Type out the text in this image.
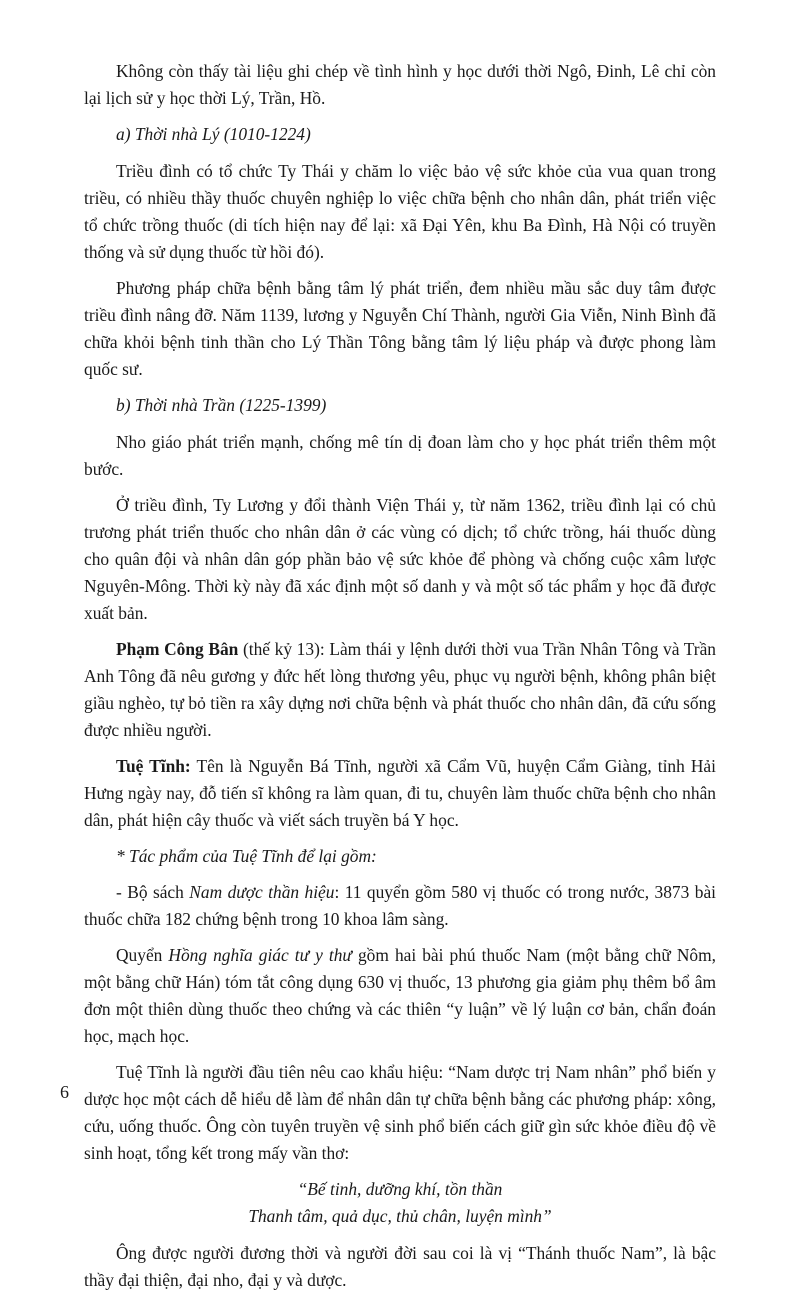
Không còn thấy tài liệu ghi chép về tình hình y học dưới thời Ngô, Đinh, Lê chỉ còn lại lịch sử y học thời Lý, Trần, Hồ.

a) Thời nhà Lý (1010-1224)

Triều đình có tổ chức Ty Thái y chăm lo việc bảo vệ sức khỏe của vua quan trong triều, có nhiều thầy thuốc chuyên nghiệp lo việc chữa bệnh cho nhân dân, phát triển việc tổ chức trồng thuốc (di tích hiện nay để lại: xã Đại Yên, khu Ba Đình, Hà Nội có truyền thống và sử dụng thuốc từ hồi đó).

Phương pháp chữa bệnh bằng tâm lý phát triển, đem nhiều mầu sắc duy tâm được triều đình nâng đỡ. Năm 1139, lương y Nguyễn Chí Thành, người Gia Viễn, Ninh Bình đã chữa khỏi bệnh tinh thần cho Lý Thần Tông bằng tâm lý liệu pháp và được phong làm quốc sư.

b) Thời nhà Trần (1225-1399)

Nho giáo phát triển mạnh, chống mê tín dị đoan làm cho y học phát triển thêm một bước.

Ở triều đình, Ty Lương y đổi thành Viện Thái y, từ năm 1362, triều đình lại có chủ trương phát triển thuốc cho nhân dân ở các vùng có dịch; tổ chức trồng, hái thuốc dùng cho quân đội và nhân dân góp phần bảo vệ sức khỏe để phòng và chống cuộc xâm lược Nguyên-Mông. Thời kỳ này đã xác định một số danh y và một số tác phẩm y học đã được xuất bản.

Phạm Công Bân (thế kỷ 13): Làm thái y lệnh dưới thời vua Trần Nhân Tông và Trần Anh Tông đã nêu gương y đức hết lòng thương yêu, phục vụ người bệnh, không phân biệt giầu nghèo, tự bỏ tiền ra xây dựng nơi chữa bệnh và phát thuốc cho nhân dân, đã cứu sống được nhiều người.

Tuệ Tĩnh: Tên là Nguyễn Bá Tĩnh, người xã Cẩm Vũ, huyện Cẩm Giàng, tỉnh Hải Hưng ngày nay, đỗ tiến sĩ không ra làm quan, đi tu, chuyên làm thuốc chữa bệnh cho nhân dân, phát hiện cây thuốc và viết sách truyền bá Y học.

* Tác phẩm của Tuệ Tĩnh để lại gồm:

- Bộ sách Nam dược thần hiệu: 11 quyển gồm 580 vị thuốc có trong nước, 3873 bài thuốc chữa 182 chứng bệnh trong 10 khoa lâm sàng.

Quyển Hồng nghĩa giác tư y thư gồm hai bài phú thuốc Nam (một bằng chữ Nôm, một bằng chữ Hán) tóm tắt công dụng 630 vị thuốc, 13 phương gia giảm phụ thêm bổ âm đơn một thiên dùng thuốc theo chứng và các thiên “y luận” về lý luận cơ bản, chẩn đoán học, mạch học.

Tuệ Tĩnh là người đầu tiên nêu cao khẩu hiệu: “Nam dược trị Nam nhân” phổ biến y dược học một cách dễ hiểu dễ làm để nhân dân tự chữa bệnh bằng các phương pháp: xông, cứu, uống thuốc. Ông còn tuyên truyền vệ sinh phổ biến cách giữ gìn sức khỏe điều độ về sinh hoạt, tổng kết trong mấy vần thơ:

“Bế tinh, dưỡng khí, tồn thần
Thanh tâm, quả dục, thủ chân, luyện mình”

Ông được người đương thời và người đời sau coi là vị “Thánh thuốc Nam”, là bậc thầy đại thiện, đại nho, đại y và dược.

6
